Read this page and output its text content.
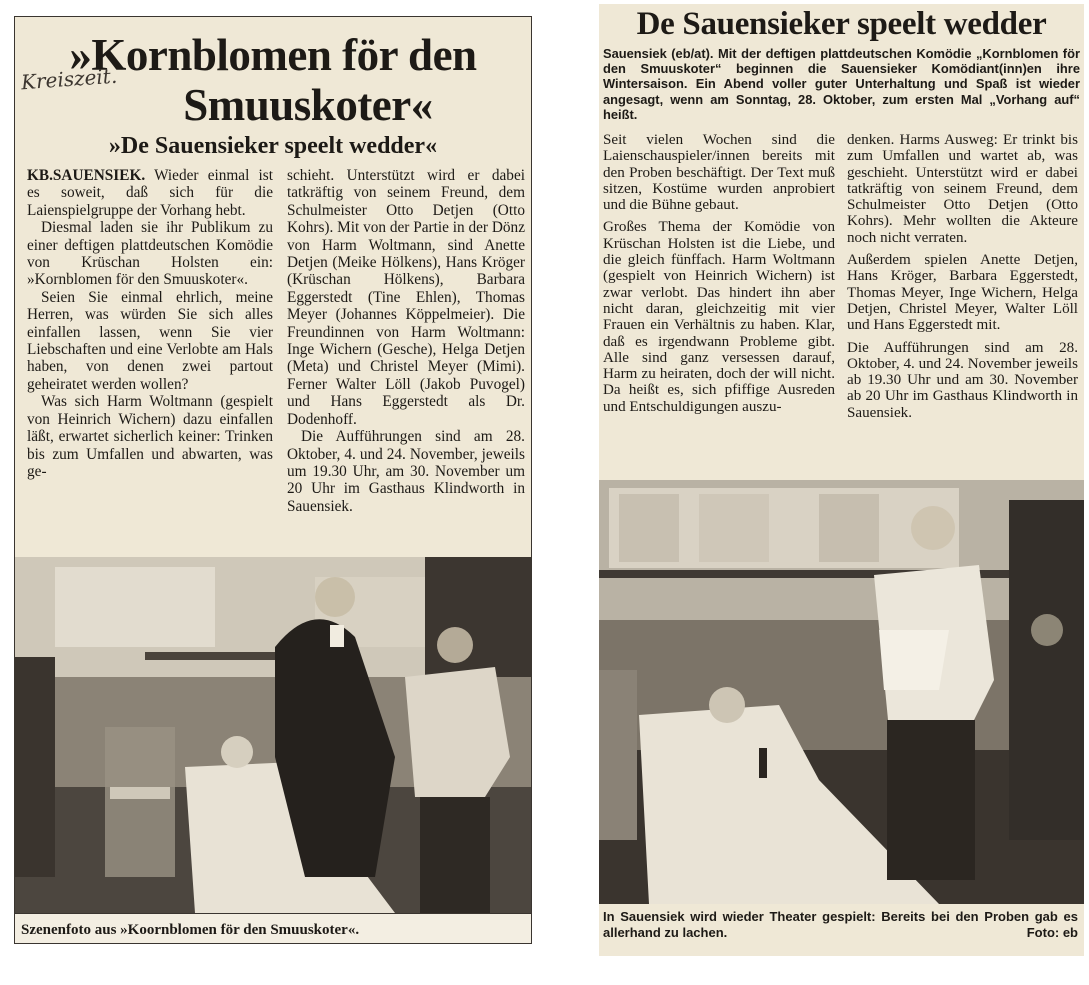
»Kornblomen för den
Smuuskoter«
Kreiszeit.
»De Sauensieker speelt wedder«

KB.SAUENSIEK. Wieder einmal ist es soweit, daß sich für die Laienspielgruppe der Vorhang hebt.

Diesmal laden sie ihr Publikum zu einer deftigen plattdeutschen Komödie von Krüschan Holsten ein: »Kornblomen för den Smuuskoter«.

Seien Sie einmal ehrlich, meine Herren, was würden Sie sich alles einfallen lassen, wenn Sie vier Liebschaften und eine Verlobte am Hals haben, von denen zwei partout geheiratet werden wollen?

Was sich Harm Woltmann (gespielt von Heinrich Wichern) dazu einfallen läßt, erwartet sicherlich keiner: Trinken bis zum Umfallen und abwarten, was ge-

schieht. Unterstützt wird er dabei tatkräftig von seinem Freund, dem Schulmeister Otto Detjen (Otto Kohrs). Mit von der Partie in der Dönz von Harm Woltmann, sind Anette Detjen (Meike Hölkens), Hans Kröger (Krüschan Hölkens), Barbara Eggerstedt (Tine Ehlen), Thomas Meyer (Johannes Köppelmeier). Die Freundinnen von Harm Woltmann: Inge Wichern (Gesche), Helga Detjen (Meta) und Christel Meyer (Mimi). Ferner Walter Löll (Jakob Puvogel) und Hans Eggerstedt als Dr. Dodenhoff.

Die Aufführungen sind am 28. Oktober, 4. und 24. November, jeweils um 19.30 Uhr, am 30. November um 20 Uhr im Gasthaus Klindworth in Sauensiek.

Szenenfoto aus »Koornblomen för den Smuuskoter«.
De Sauensieker speelt wedder
Sauensiek (eb/at). Mit der deftigen plattdeutschen Komödie „Kornblomen för den Smuuskoter“ beginnen die Sauensieker Komödiant(inn)en ihre Wintersaison. Ein Abend voller guter Unterhaltung und Spaß ist wieder angesagt, wenn am Sonntag, 28. Oktober, zum ersten Mal „Vorhang auf“ heißt.

Seit vielen Wochen sind die Laienschauspieler/innen bereits mit den Proben beschäftigt. Der Text muß sitzen, Kostüme wurden anprobiert und die Bühne gebaut.

Großes Thema der Komödie von Krüschan Holsten ist die Liebe, und die gleich fünffach. Harm Woltmann (gespielt von Heinrich Wichern) ist zwar verlobt. Das hindert ihn aber nicht daran, gleichzeitig mit vier Frauen ein Verhältnis zu haben. Klar, daß es irgendwann Probleme gibt. Alle sind ganz versessen darauf, Harm zu heiraten, doch der will nicht. Da heißt es, sich pfiffige Ausreden und Entschuldigungen auszu-

denken. Harms Ausweg: Er trinkt bis zum Umfallen und wartet ab, was geschieht. Unterstützt wird er dabei tatkräftig von seinem Freund, dem Schulmeister Otto Detjen (Otto Kohrs). Mehr wollten die Akteure noch nicht verraten.

Außerdem spielen Anette Detjen, Hans Kröger, Barbara Eggerstedt, Thomas Meyer, Inge Wichern, Helga Detjen, Christel Meyer, Walter Löll und Hans Eggerstedt mit.

Die Aufführungen sind am 28. Oktober, 4. und 24. November jeweils ab 19.30 Uhr und am 30. November ab 20 Uhr im Gasthaus Klindworth in Sauensiek.

In Sauensiek wird wieder Theater gespielt: Bereits bei den Proben gab es allerhand zu lachen.	Foto: eb
